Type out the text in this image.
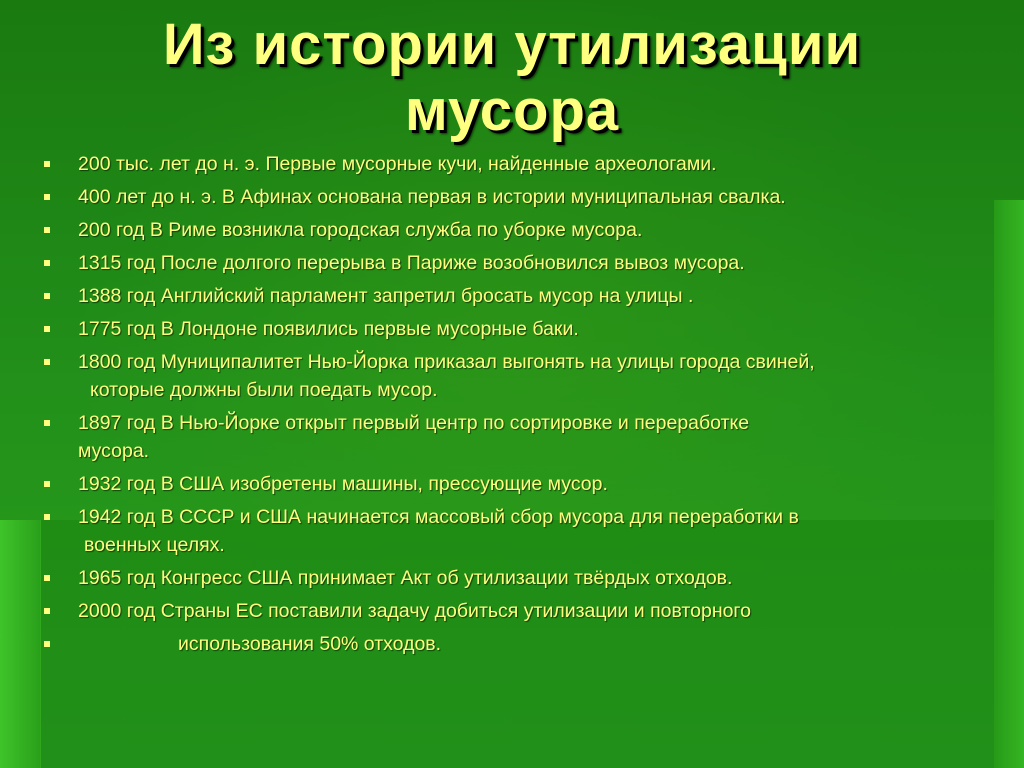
Из истории утилизации
мусора
200 тыс. лет до н. э. Первые мусорные кучи, найденные археологами.
400 лет до н. э. В Афинах основана первая в истории муниципальная свалка.
200 год В Риме возникла городская служба по уборке мусора.
1315 год После долгого перерыва в Париже возобновился вывоз мусора.
1388 год Английский парламент запретил бросать мусор на улицы .
1775 год В Лондоне появились первые мусорные баки.
1800 год Муниципалитет Нью-Йорка приказал выгонять на улицы города свиней,
которые должны были поедать мусор.
1897 год В Нью-Йорке открыт первый центр по сортировке и переработке
мусора.
1932 год В США изобретены машины, прессующие мусор.
1942 год В СССР и США начинается массовый сбор мусора для переработки в
военных целях.
1965 год Конгресс США принимает Акт об утилизации твёрдых отходов.
2000 год Страны ЕС поставили задачу добиться утилизации и повторного
использования 50% отходов.
